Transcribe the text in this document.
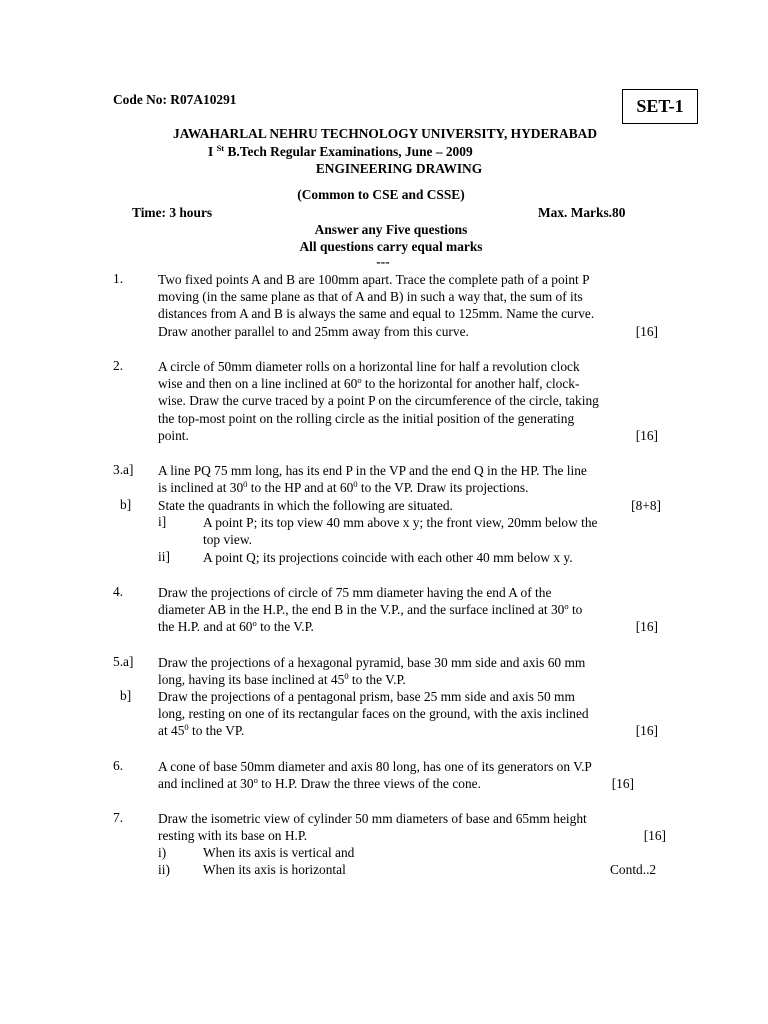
Code No: R07A10291	SET-1
JAWAHARLAL NEHRU TECHNOLOGY UNIVERSITY, HYDERABAD
I $^{St}$ B.Tech Regular Examinations, June – 2009
ENGINEERING DRAWING
(Common to CSE and CSSE)
Time: 3 hours	Max. Marks.80
Answer any Five questions
All questions carry equal marks
---
1.	Two fixed points A and B are 100mm apart. Trace the complete path of a point P
moving (in the same plane as that of A and B) in such a way that, the sum of its
distances from A and B is always the same and equal to 125mm. Name the curve.
Draw another parallel to and 25mm away from this curve.	[16]
2.	A circle of 50mm diameter rolls on a horizontal line for half a revolution clock
wise and then on a line inclined at 60$^o$ to the horizontal for another half, clock-
wise. Draw the curve traced by a point P on the circumference of the circle, taking
the top-most point on the rolling circle as the initial position of the generating
point.	[16]
3.a] A line PQ 75 mm long, has its end P in the VP and the end Q in the HP. The line
is inclined at $30^0$ to the HP and at $60^0$ to the VP. Draw its projections.
b] State the quadrants in which the following are situated.	[8+8]
i]	A point P; its top view 40 mm above x y; the front view, 20mm below the
top view.
ii] A point Q; its projections coincide with each other 40 mm below x y.
4.	Draw the projections of circle of 75 mm diameter having the end A of the
diameter AB in the H.P., the end B in the V.P., and the surface inclined at 30$^o$ to
the H.P. and at 60$^o$ to the V.P.	[16]
5.a] Draw the projections of a hexagonal pyramid, base 30 mm side and axis 60 mm
long, having its base inclined at $45^0$ to the V.P.
b] Draw the projections of a pentagonal prism, base 25 mm side and axis 50 mm
long, resting on one of its rectangular faces on the ground, with the axis inclined
at $45^0$ to the VP.	[16]
6.	A cone of base 50mm diameter and axis 80 long, has one of its generators on V.P
and inclined at 30$^o$ to H.P. Draw the three views of the cone.	[16]
7.	Draw the isometric view of cylinder 50 mm diameters of base and 65mm height
resting with its base on H.P.	[16]
i)	When its axis is vertical and
ii) When its axis is horizontal	Contd..2
